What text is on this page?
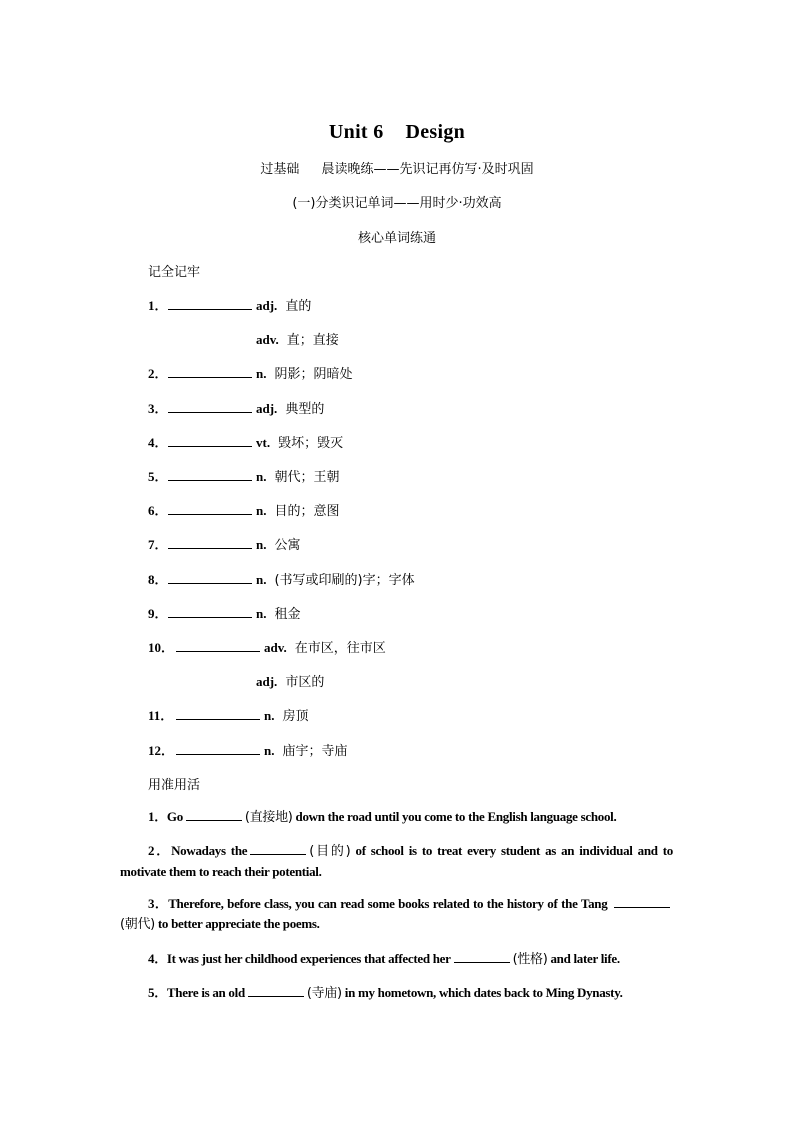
Unit 6 Design
过基础 晨读晚练——先识记再仿写·及时巩固
(一)分类识记单词——用时少·功效高
核心单词练通
记全记牢
1．	adj. 直的
adv. 直；直接
2．	n. 阴影；阴暗处
3．	adj. 典型的
4．	vt. 毁坏；毁灭
5．	n. 朝代；王朝
6．	n. 目的；意图
7．	n. 公寓
8．	n. (书写或印刷的)字；字体
9．	n. 租金
10．	adv. 在市区，往市区
adj. 市区的
11．	n. 房顶
12．	n. 庙宇；寺庙
用准用活
1．Go	(直接地) down the road until you come to the English language school.
2．Nowadays the	(目的) of school is to treat every student as an individual and to motivate them to reach their potential.
3．Therefore, before class, you can read some books related to the history of the Tang (朝代) to better appreciate the poems.
4．It was just her childhood experiences that affected her	(性格) and later life.
5．There is an old	(寺庙) in my hometown, which dates back to Ming Dynasty.
